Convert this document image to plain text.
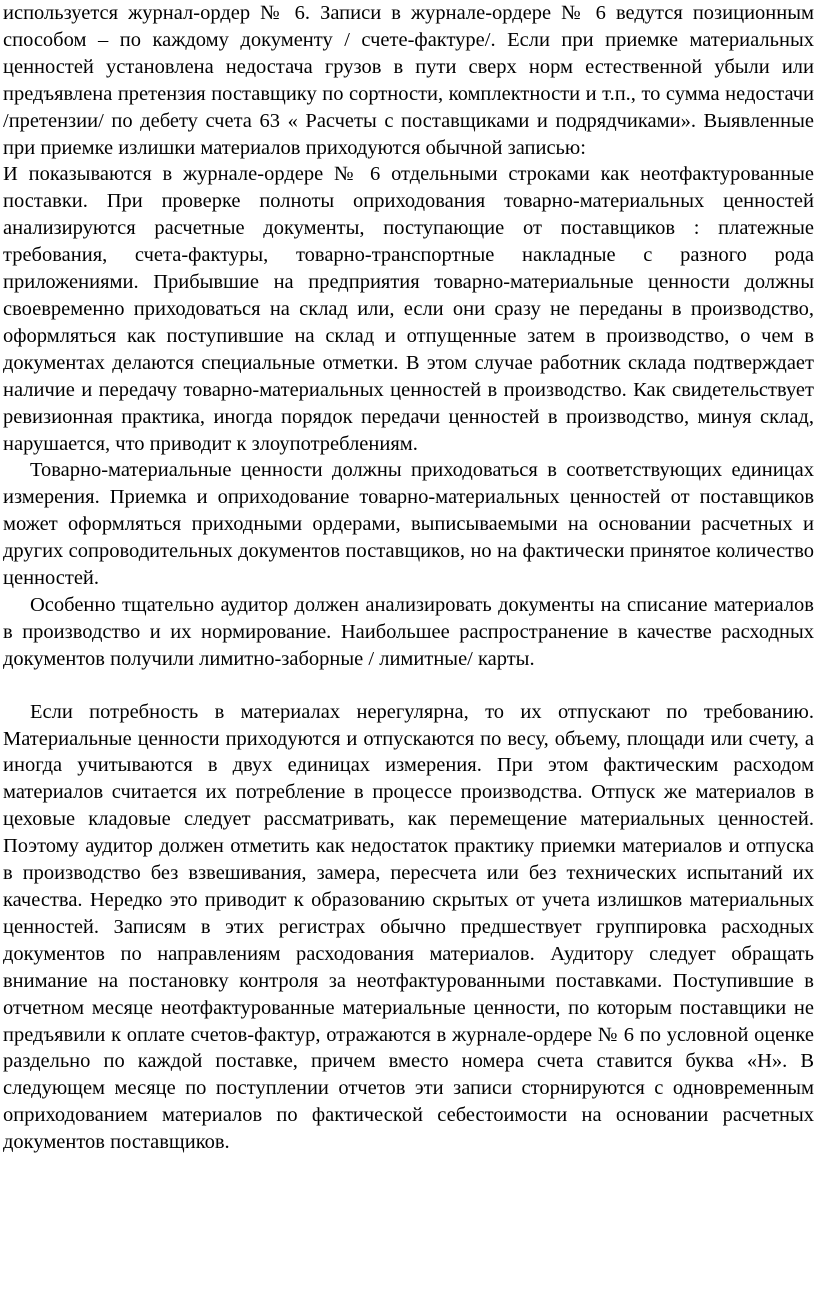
используется журнал-ордер № 6. Записи в журнале-ордере № 6 ведутся позиционным способом – по каждому документу / счете-фактуре/. Если при приемке материальных ценностей установлена недостача грузов в пути сверх норм естественной убыли или предъявлена претензия поставщику по сортности, комплектности и т.п., то сумма недостачи /претензии/ по дебету счета 63 « Расчеты с поставщиками и подрядчиками». Выявленные при приемке излишки материалов приходуются обычной записью:

И показываются в журнале-ордере № 6 отдельными строками как неотфактурованные поставки. При проверке полноты оприходования товарно-материальных ценностей анализируются расчетные документы, поступающие от поставщиков : платежные требования, счета-фактуры, товарно-транспортные накладные с разного рода приложениями. Прибывшие на предприятия товарно-материальные ценности должны своевременно приходоваться на склад или, если они сразу не переданы в производство, оформляться как поступившие на склад и отпущенные затем в производство, о чем в документах делаются специальные отметки. В этом случае работник склада подтверждает наличие и передачу товарно-материальных ценностей в производство. Как свидетельствует ревизионная практика, иногда порядок передачи ценностей в производство, минуя склад, нарушается, что приводит к злоупотреблениям.

Товарно-материальные ценности должны приходоваться в соответствующих единицах измерения. Приемка и оприходование товарно-материальных ценностей от поставщиков может оформляться приходными ордерами, выписываемыми на основании расчетных и других сопроводительных документов поставщиков, но на фактически принятое количество ценностей.

Особенно тщательно аудитор должен анализировать документы на списание материалов в производство и их нормирование. Наибольшее распространение в качестве расходных документов получили лимитно-заборные / лимитные/ карты.

Если потребность в материалах нерегулярна, то их отпускают по требованию. Материальные ценности приходуются и отпускаются по весу, объему, площади или счету, а иногда учитываются в двух единицах измерения. При этом фактическим расходом материалов считается их потребление в процессе производства. Отпуск же материалов в цеховые кладовые следует рассматривать, как перемещение материальных ценностей. Поэтому аудитор должен отметить как недостаток практику приемки материалов и отпуска в производство без взвешивания, замера, пересчета или без технических испытаний их качества. Нередко это приводит к образованию скрытых от учета излишков материальных ценностей. Записям в этих регистрах обычно предшествует группировка расходных документов по направлениям расходования материалов. Аудитору следует обращать внимание на постановку контроля за неотфактурованными поставками. Поступившие в отчетном месяце неотфактурованные материальные ценности, по которым поставщики не предъявили к оплате счетов-фактур, отражаются в журнале-ордере № 6 по условной оценке раздельно по каждой поставке, причем вместо номера счета ставится буква «Н». В следующем месяце по поступлении отчетов эти записи сторнируются с одновременным оприходованием материалов по фактической себестоимости на основании расчетных документов поставщиков.
